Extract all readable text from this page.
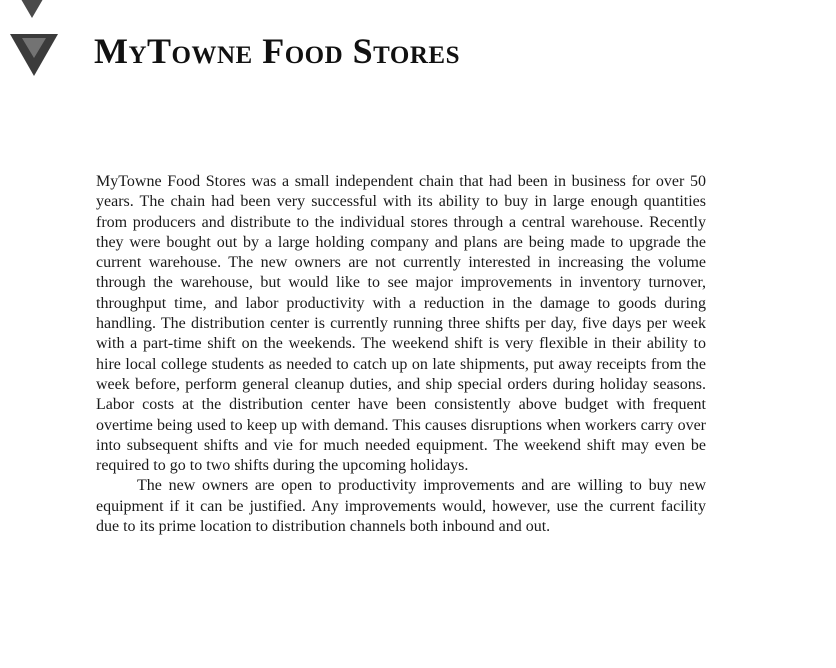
MyTowne Food Stores

MyTowne Food Stores was a small independent chain that had been in business for over 50 years. The chain had been very successful with its ability to buy in large enough quantities from producers and distribute to the individual stores through a central warehouse. Recently they were bought out by a large holding company and plans are being made to upgrade the current warehouse. The new owners are not currently interested in increasing the volume through the warehouse, but would like to see major improvements in inventory turnover, throughput time, and labor productivity with a reduction in the damage to goods during handling. The distribution center is currently running three shifts per day, five days per week with a part-time shift on the weekends. The weekend shift is very flexible in their ability to hire local college students as needed to catch up on late shipments, put away receipts from the week before, perform general cleanup duties, and ship special orders during holiday seasons. Labor costs at the distribution center have been consistently above budget with frequent overtime being used to keep up with demand. This causes disruptions when workers carry over into subsequent shifts and vie for much needed equipment. The weekend shift may even be required to go to two shifts during the upcoming holidays.

The new owners are open to productivity improvements and are willing to buy new equipment if it can be justified. Any improvements would, however, use the current facility due to its prime location to distribution channels both inbound and out.
